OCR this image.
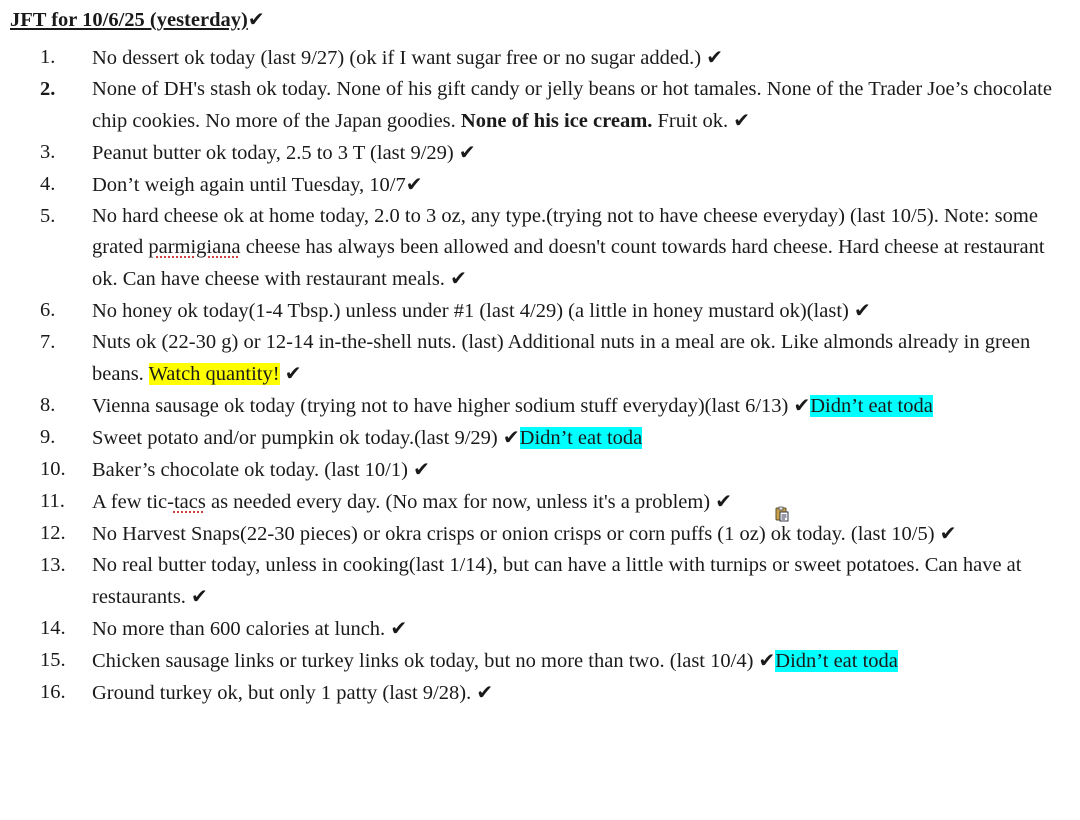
JFT for 10/6/25 (yesterday)✔
1.	No dessert ok today (last 9/27) (ok if I want sugar free or no sugar added.) ✔
2.	None of DH's stash ok today. None of his gift candy or jelly beans or hot tamales. None of the Trader Joe’s chocolate chip cookies. No more of the Japan goodies. None of his ice cream. Fruit ok. ✔
3.	Peanut butter ok today, 2.5 to 3 T (last 9/29) ✔
4.	Don’t weigh again until Tuesday, 10/7✔
5.	No hard cheese ok at home today, 2.0 to 3 oz, any type.(trying not to have cheese everyday) (last 10/5). Note: some grated parmigiana cheese has always been allowed and doesn't count towards hard cheese. Hard cheese at restaurant ok. Can have cheese with restaurant meals. ✔
6.	No honey ok today(1-4 Tbsp.) unless under #1 (last 4/29) (a little in honey mustard ok)(last) ✔
7.	Nuts ok (22-30 g) or 12-14 in-the-shell nuts. (last) Additional nuts in a meal are ok. Like almonds already in green beans. Watch quantity! ✔
8.	Vienna sausage ok today (trying not to have higher sodium stuff everyday)(last 6/13) ✔Didn’t eat toda
9.	Sweet potato and/or pumpkin ok today.(last 9/29) ✔Didn’t eat toda
10.	Baker’s chocolate ok today. (last 10/1) ✔
11.	A few tic-tacs as needed every day. (No max for now, unless it's a problem) ✔
12.	No Harvest Snaps(22-30 pieces) or okra crisps or onion crisps or corn puffs (1 oz) ok today. (last 10/5) ✔
13.	No real butter today, unless in cooking(last 1/14), but can have a little with turnips or sweet potatoes. Can have at restaurants. ✔
14.	No more than 600 calories at lunch. ✔
15.	Chicken sausage links or turkey links ok today, but no more than two. (last 10/4) ✔Didn’t eat toda
16.	Ground turkey ok, but only 1 patty (last 9/28). ✔
